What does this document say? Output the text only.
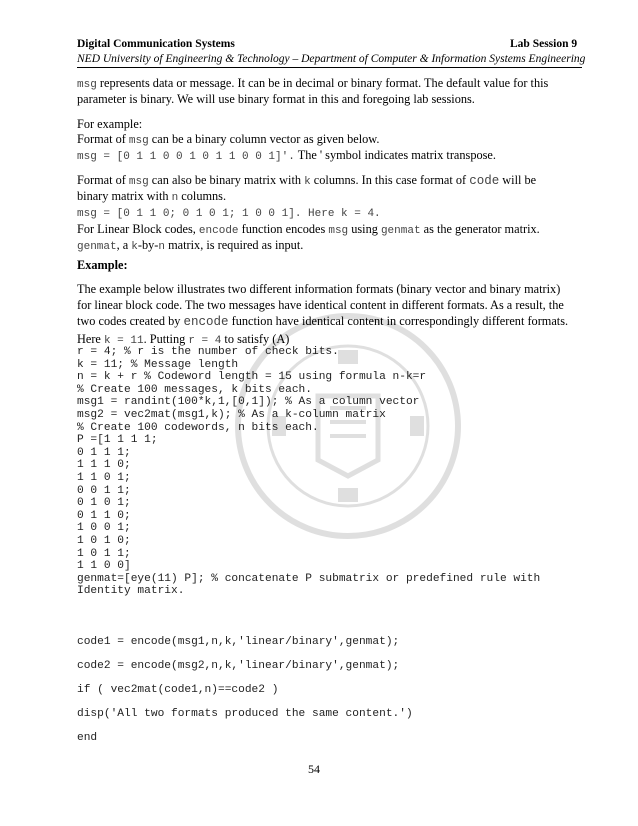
Digital Communication Systems	Lab Session 9
NED University of Engineering & Technology – Department of Computer & Information Systems Engineering
msg represents data or message. It can be in decimal or binary format. The default value for this
parameter is binary. We will use binary format in this and foregoing lab sessions.
For example:
Format of msg can be a binary column vector as given below.
msg = [0 1 1 0 0 1 0 1 1 0 0 1]'. The ' symbol indicates matrix transpose.
Format of msg can also be binary matrix with k columns. In this case format of code will be
binary matrix with n columns.
msg = [0 1 1 0; 0 1 0 1; 1 0 0 1]. Here k = 4.
For Linear Block codes, encode function encodes msg using genmat as the generator matrix.
genmat, a k-by-n matrix, is required as input.
Example:
The example below illustrates two different information formats (binary vector and binary matrix)
for linear block code. The two messages have identical content in different formats. As a result, the
two codes created by encode function have identical content in correspondingly different formats.
Here k = 11. Putting r = 4 to satisfy (A)
r = 4; % r is the number of check bits.
k = 11; % Message length
n = k + r % Codeword length = 15 using formula n-k=r
% Create 100 messages, k bits each.
msg1 = randint(100*k,1,[0,1]); % As a column vector
msg2 = vec2mat(msg1,k); % As a k-column matrix
% Create 100 codewords, n bits each.
P =[1 1 1 1;
0 1 1 1;
1 1 1 0;
1 1 0 1;
0 0 1 1;
0 1 0 1;
0 1 1 0;
1 0 0 1;
1 0 1 0;
1 0 1 1;
1 1 0 0]
genmat=[eye(11) P]; % concatenate P submatrix or predefined rule with
Identity matrix.
code1 = encode(msg1,n,k,'linear/binary',genmat);
code2 = encode(msg2,n,k,'linear/binary',genmat);
if ( vec2mat(code1,n)==code2 )
disp('All two formats produced the same content.')
end
54
